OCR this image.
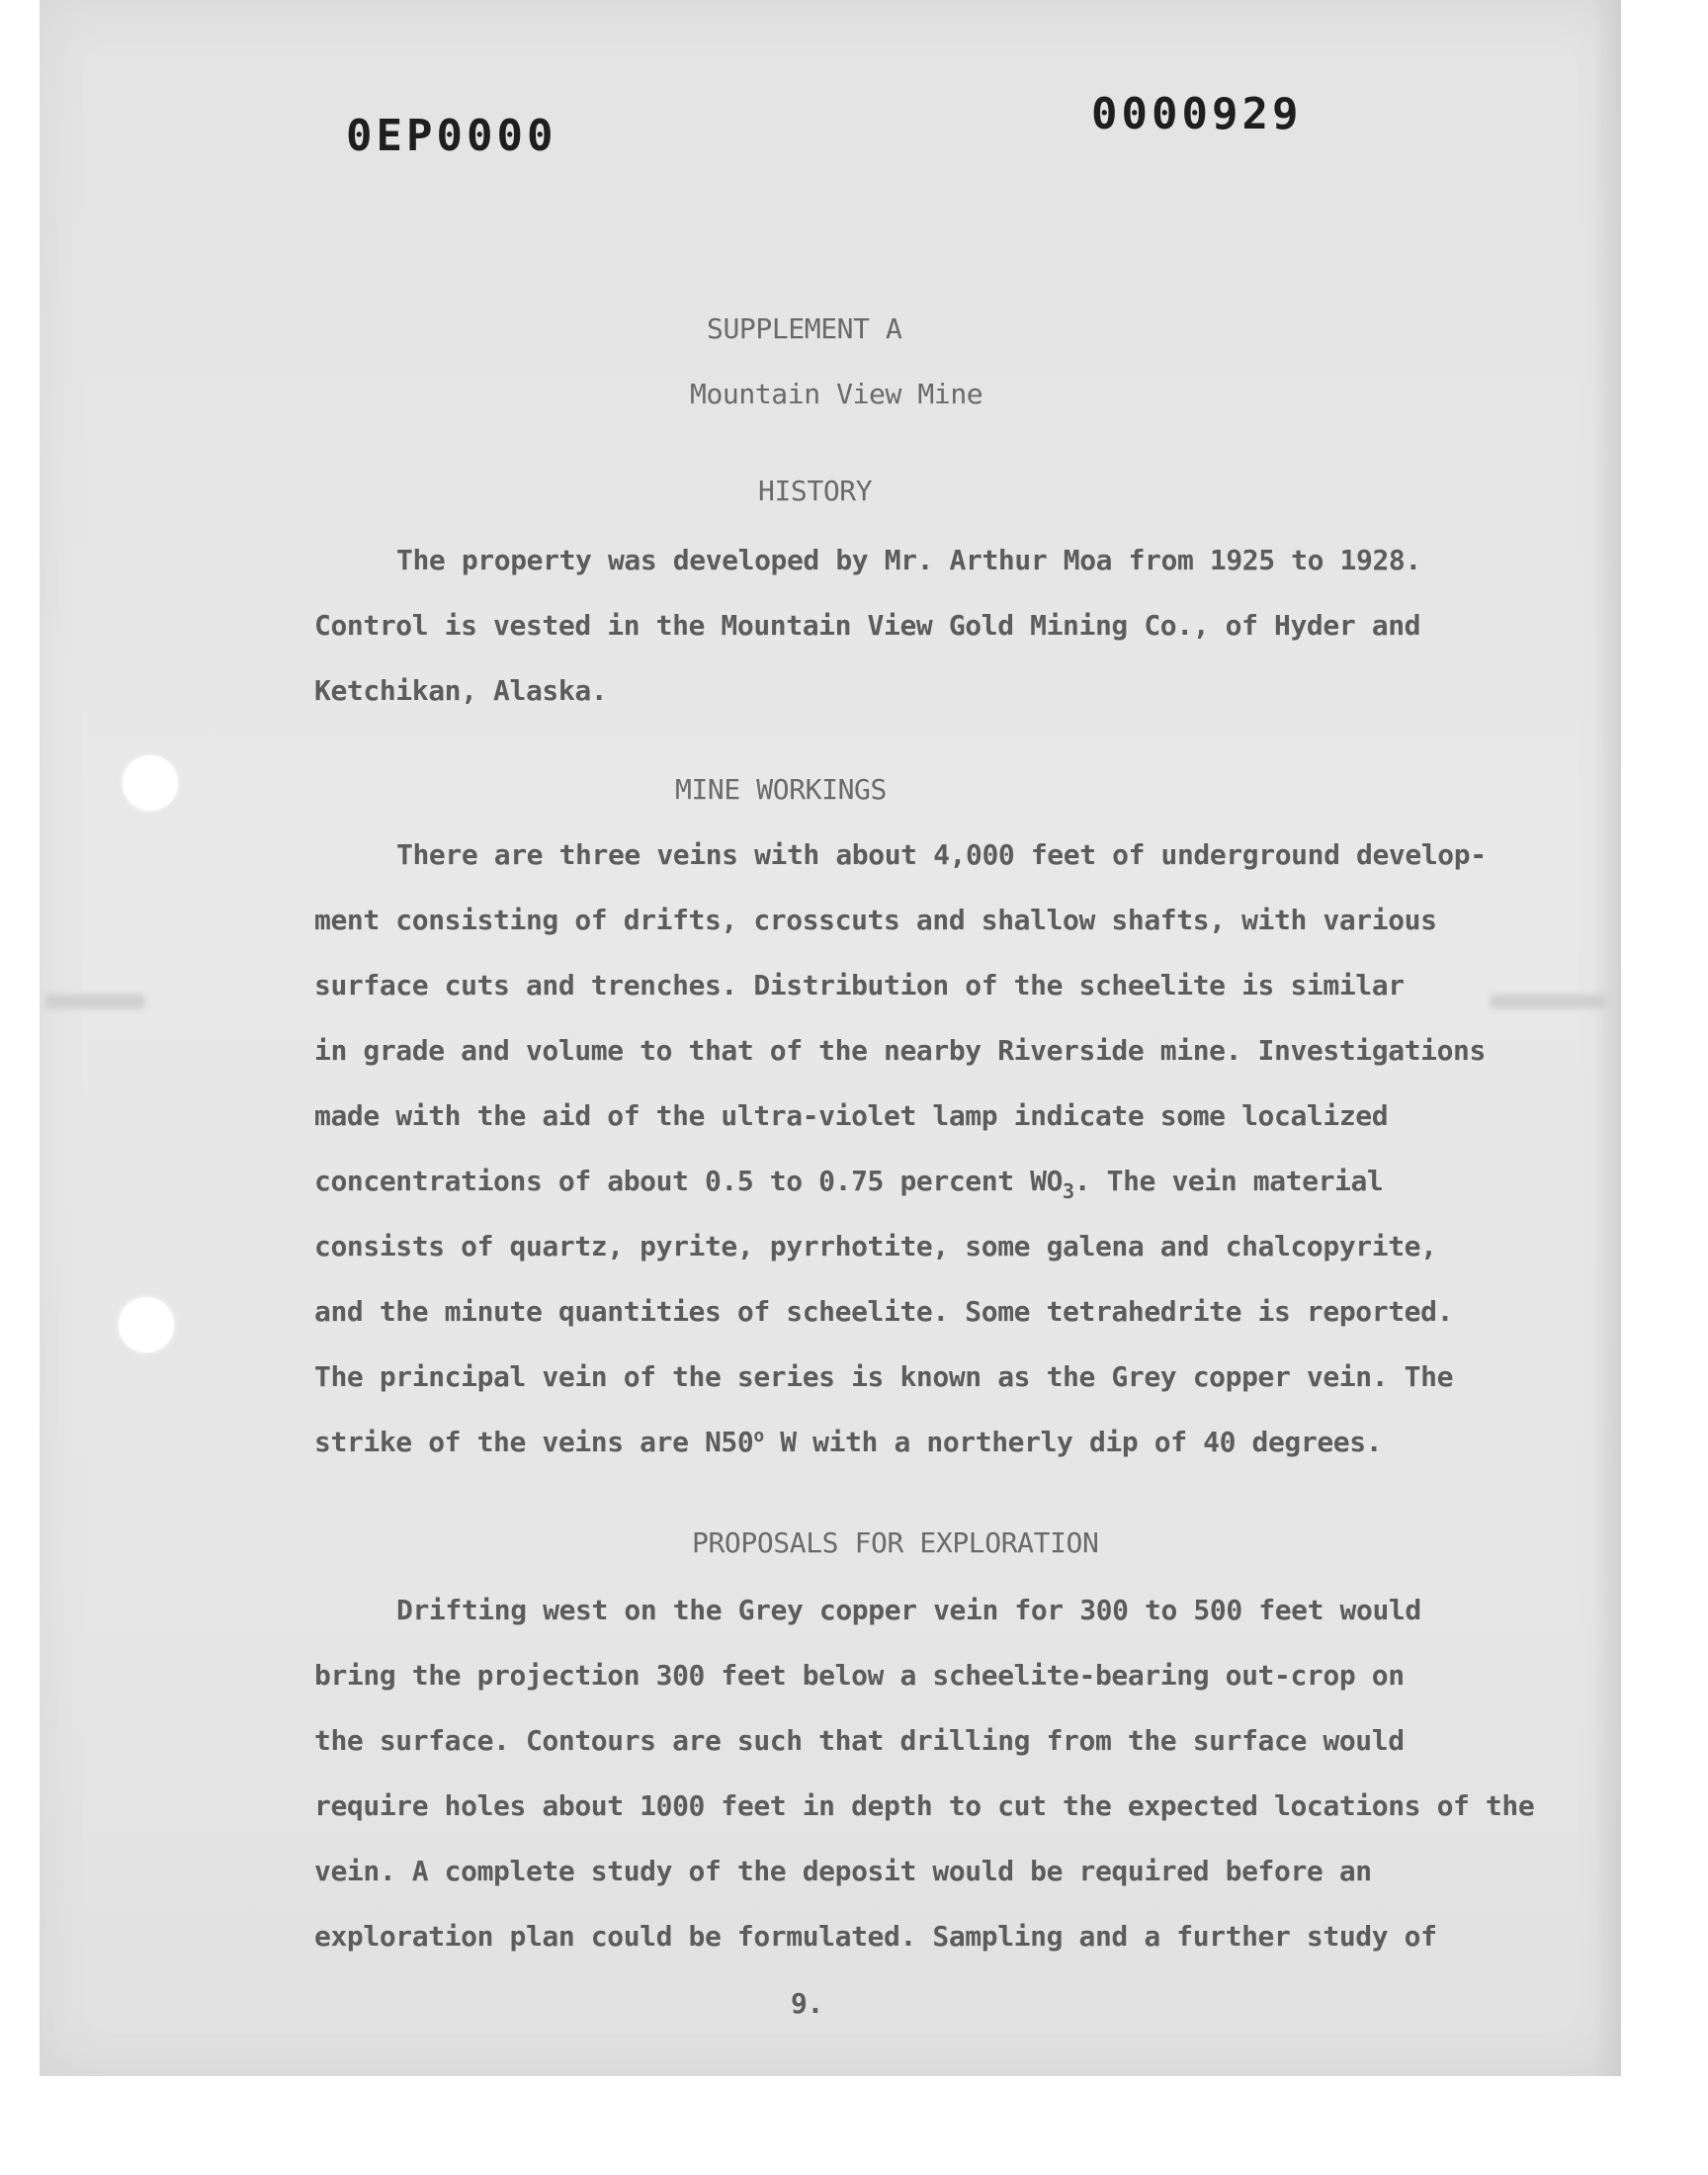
0EP0000	0000929
SUPPLEMENT A
Mountain View Mine
HISTORY
The property was developed by Mr. Arthur Moa from 1925 to 1928.
Control is vested in the Mountain View Gold Mining Co., of Hyder and
Ketchikan, Alaska.
MINE WORKINGS
There are three veins with about 4,000 feet of underground develop-
ment consisting of drifts, crosscuts and shallow shafts, with various
surface cuts and trenches. Distribution of the scheelite is similar
in grade and volume to that of the nearby Riverside mine. Investigations
made with the aid of the ultra-violet lamp indicate some localized
concentrations of about 0.5 to 0.75 percent $WO_3$. The vein material
consists of quartz, pyrite, pyrrhotite, some galena and chalcopyrite,
and the minute quantities of scheelite. Some tetrahedrite is reported.
The principal vein of the series is known as the Grey copper vein. The
strike of the veins are N50$^o$ W with a northerly dip of 40 degrees.
PROPOSALS FOR EXPLORATION
Drifting west on the Grey copper vein for 300 to 500 feet would
bring the projection 300 feet below a scheelite-bearing out-crop on
the surface. Contours are such that drilling from the surface would
require holes about 1000 feet in depth to cut the expected locations of the
vein. A complete study of the deposit would be required before an
exploration plan could be formulated. Sampling and a further study of
9.
